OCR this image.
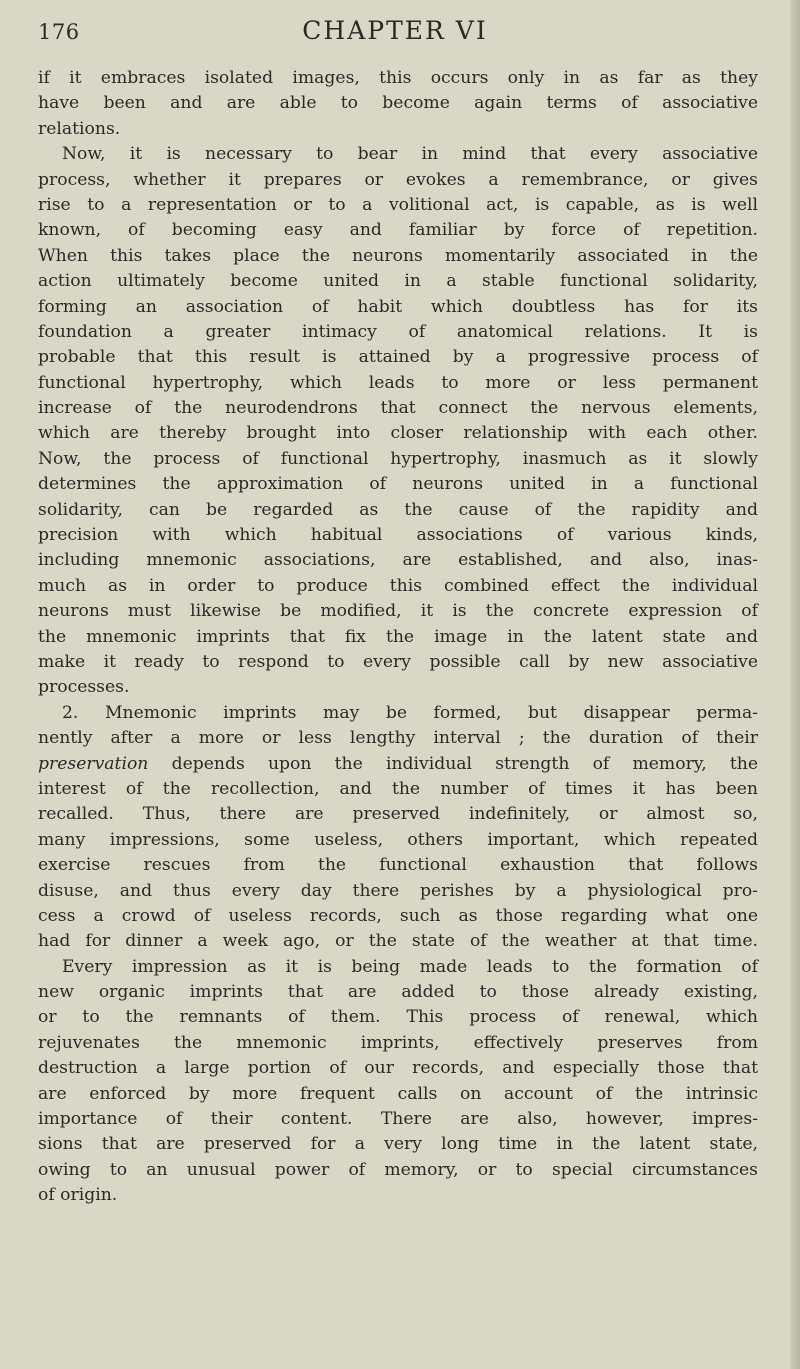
176	CHAPTER VI
if it embraces isolated images, this occurs only in as far as they
have been and are able to become again terms of associative
relations.
Now, it is necessary to bear in mind that every associative
process, whether it prepares or evokes a remembrance, or gives
rise to a representation or to a volitional act, is capable, as is well
known, of becoming easy and familiar by force of repetition.
When this takes place the neurons momentarily associated in the
action ultimately become united in a stable functional solidarity,
forming an association of habit which doubtless has for its
foundation a greater intimacy of anatomical relations. It is
probable that this result is attained by a progressive process of
functional hypertrophy, which leads to more or less permanent
increase of the neurodendrons that connect the nervous elements,
which are thereby brought into closer relationship with each other.
Now, the process of functional hypertrophy, inasmuch as it slowly
determines the approximation of neurons united in a functional
solidarity, can be regarded as the cause of the rapidity and
precision with which habitual associations of various kinds,
including mnemonic associations, are established, and also, inas-
much as in order to produce this combined effect the individual
neurons must likewise be modified, it is the concrete expression of
the mnemonic imprints that fix the image in the latent state and
make it ready to respond to every possible call by new associative
processes.
2. Mnemonic imprints may be formed, but disappear perma-
nently after a more or less lengthy interval ; the duration of their
preservation depends upon the individual strength of memory, the
interest of the recollection, and the number of times it has been
recalled. Thus, there are preserved indefinitely, or almost so,
many impressions, some useless, others important, which repeated
exercise rescues from the functional exhaustion that follows
disuse, and thus every day there perishes by a physiological pro-
cess a crowd of useless records, such as those regarding what one
had for dinner a week ago, or the state of the weather at that time.
Every impression as it is being made leads to the formation of
new organic imprints that are added to those already existing,
or to the remnants of them. This process of renewal, which
rejuvenates the mnemonic imprints, effectively preserves from
destruction a large portion of our records, and especially those that
are enforced by more frequent calls on account of the intrinsic
importance of their content. There are also, however, impres-
sions that are preserved for a very long time in the latent state,
owing to an unusual power of memory, or to special circumstances
of origin.
